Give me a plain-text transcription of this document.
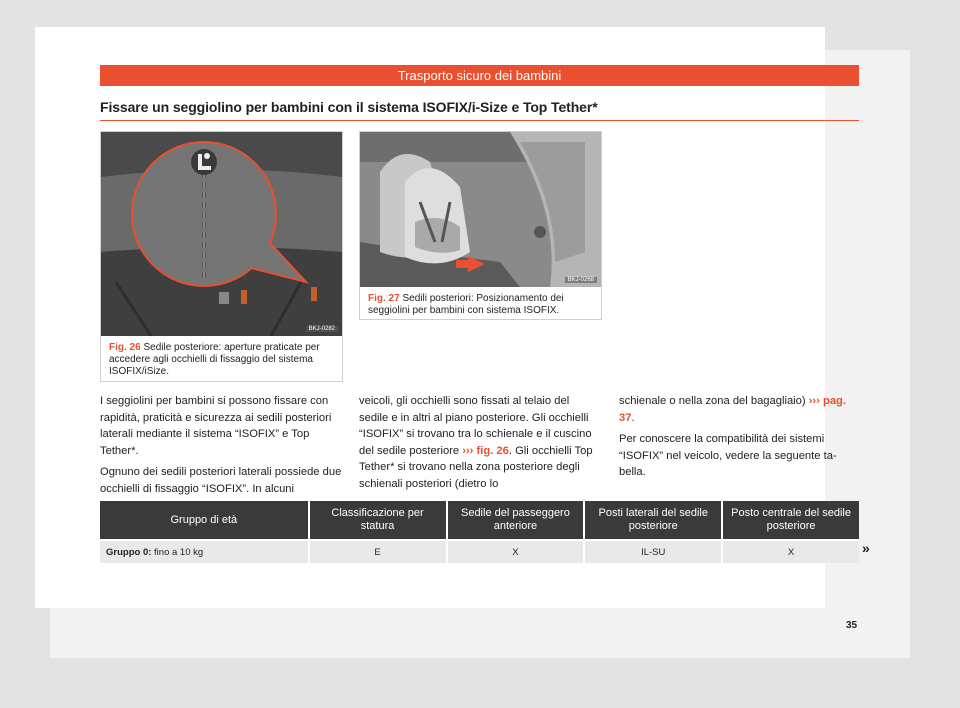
Trasporto sicuro dei bambini
Fissare un seggiolino per bambini con il sistema ISOFIX/i-Size e Top Tether*
BKJ-0282
Fig. 26 Sedile posteriore: aperture praticate per accedere agli occhielli di fissaggio del sistema ISOFIX/iSize.
BKJ-0268
Fig. 27 Sedili posteriori: Posizionamento dei seggiolini per bambini con sistema ISOFIX.

I seggiolini per bambini si possono fissare con rapidità, praticità e sicurezza ai sedili posteriori laterali mediante il sistema “ISOFIX” e Top Tether*.

Ognuno dei sedili posteriori laterali possiede due occhielli di fissaggio “ISOFIX”. In alcuni

veicoli, gli occhielli sono fissati al telaio del sedile e in altri al piano posteriore. Gli occhielli “ISOFIX” si trovano tra lo schienale e il cuscino del sedile posteriore ››› fig. 26. Gli occhielli Top Tether* si trovano nella zona posteriore degli schienali posteriori (dietro lo

schienale o nella zona del bagagliaio) ››› pag. 37.

Per conoscere la compatibilità dei sistemi “ISOFIX” nel veicolo, vedere la seguente tabella.

Gruppo di età	Classificazione per statura	Sedile del passeggero anteriore	Posti laterali del sedile posteriore	Posto centrale del sedile posteriore
Gruppo 0: fino a 10 kg	E	X	IL-SU	X	»
35
